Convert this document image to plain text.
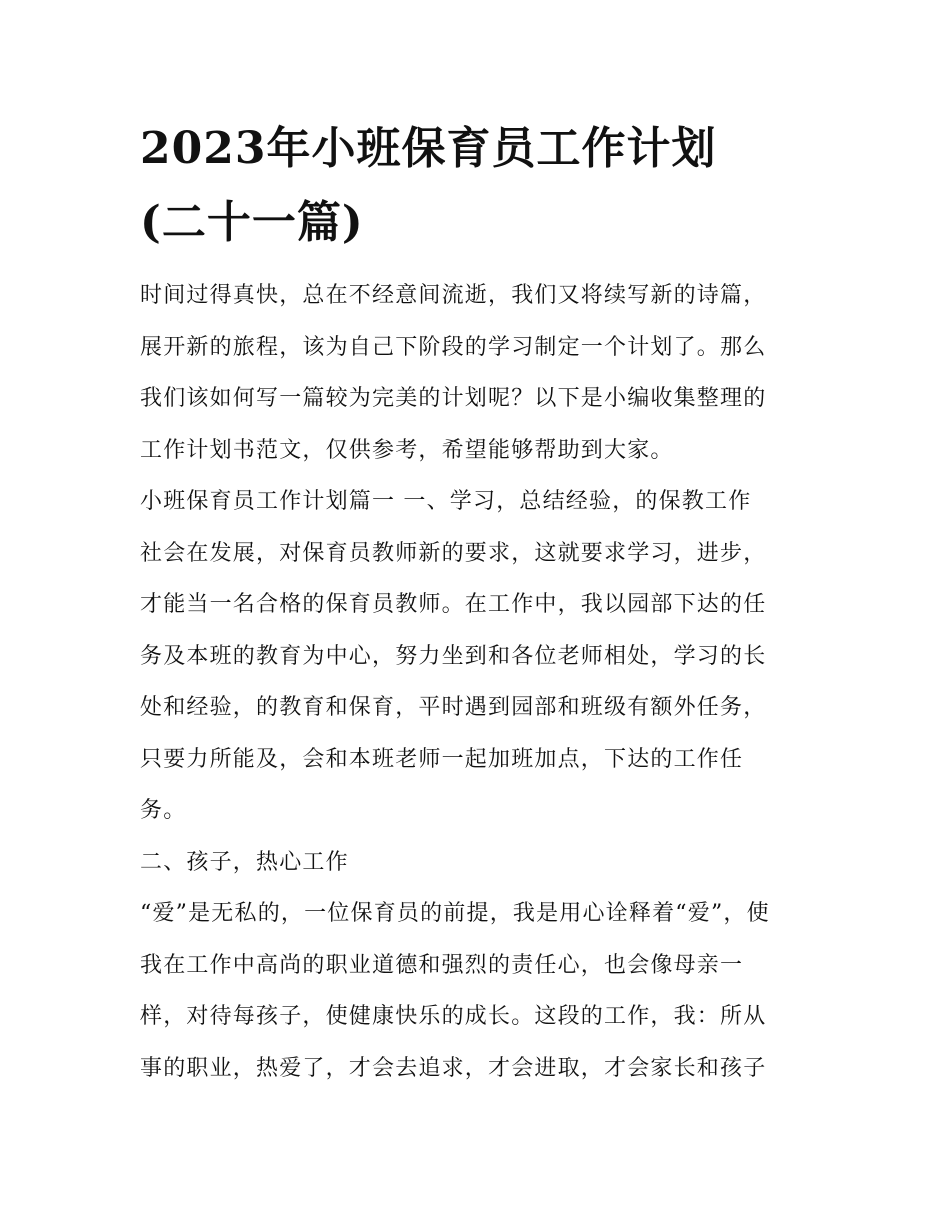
2023年小班保育员工作计划
(二十一篇)
时间过得真快，总在不经意间流逝，我们又将续写新的诗篇，
展开新的旅程，该为自己下阶段的学习制定一个计划了。那么
我们该如何写一篇较为完美的计划呢？以下是小编收集整理的
工作计划书范文，仅供参考，希望能够帮助到大家。
小班保育员工作计划篇一 一、学习，总结经验，的保教工作
社会在发展，对保育员教师新的要求，这就要求学习，进步，
才能当一名合格的保育员教师。在工作中，我以园部下达的任
务及本班的教育为中心，努力坐到和各位老师相处，学习的长
处和经验，的教育和保育，平时遇到园部和班级有额外任务，
只要力所能及，会和本班老师一起加班加点，下达的工作任
务。
二、孩子，热心工作
“爱”是无私的，一位保育员的前提，我是用心诠释着“爱”，使
我在工作中高尚的职业道德和强烈的责任心，也会像母亲一
样，对待每孩子，使健康快乐的成长。这段的工作，我：所从
事的职业，热爱了，才会去追求，才会进取，才会家长和孩子
